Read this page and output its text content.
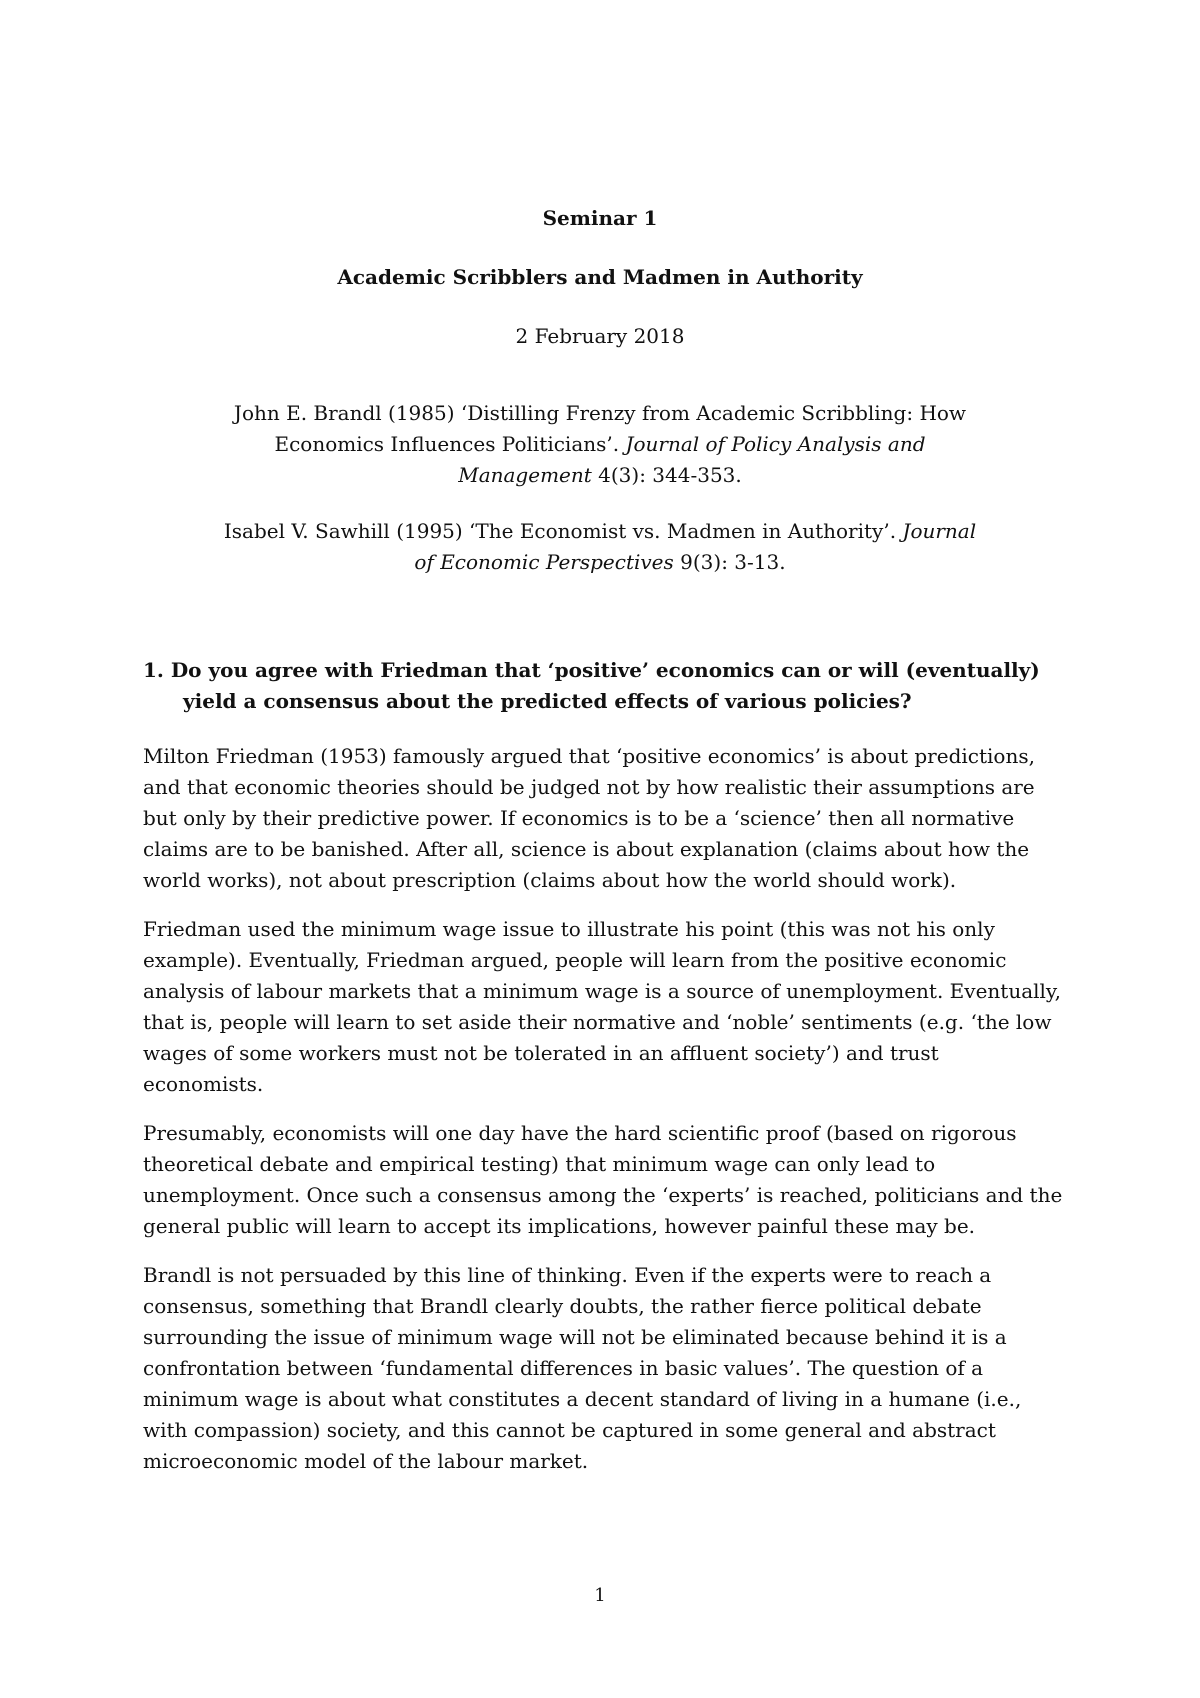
Seminar 1
Academic Scribblers and Madmen in Authority
2 February 2018
John E. Brandl (1985) ‘Distilling Frenzy from Academic Scribbling: How Economics Influences Politicians’. Journal of Policy Analysis and Management 4(3): 344-353.
Isabel V. Sawhill (1995) ‘The Economist vs. Madmen in Authority’. Journal of Economic Perspectives 9(3): 3-13.
1. Do you agree with Friedman that ‘positive’ economics can or will (eventually) yield a consensus about the predicted effects of various policies?

Milton Friedman (1953) famously argued that ‘positive economics’ is about predictions, and that economic theories should be judged not by how realistic their assumptions are but only by their predictive power. If economics is to be a ‘science’ then all normative claims are to be banished. After all, science is about explanation (claims about how the world works), not about prescription (claims about how the world should work).

Friedman used the minimum wage issue to illustrate his point (this was not his only example). Eventually, Friedman argued, people will learn from the positive economic analysis of labour markets that a minimum wage is a source of unemployment. Eventually, that is, people will learn to set aside their normative and ‘noble’ sentiments (e.g. ‘the low wages of some workers must not be tolerated in an affluent society’) and trust economists.

Presumably, economists will one day have the hard scientific proof (based on rigorous theoretical debate and empirical testing) that minimum wage can only lead to unemployment. Once such a consensus among the ‘experts’ is reached, politicians and the general public will learn to accept its implications, however painful these may be.

Brandl is not persuaded by this line of thinking. Even if the experts were to reach a consensus, something that Brandl clearly doubts, the rather fierce political debate surrounding the issue of minimum wage will not be eliminated because behind it is a confrontation between ‘fundamental differences in basic values’. The question of a minimum wage is about what constitutes a decent standard of living in a humane (i.e., with compassion) society, and this cannot be captured in some general and abstract microeconomic model of the labour market.

1
